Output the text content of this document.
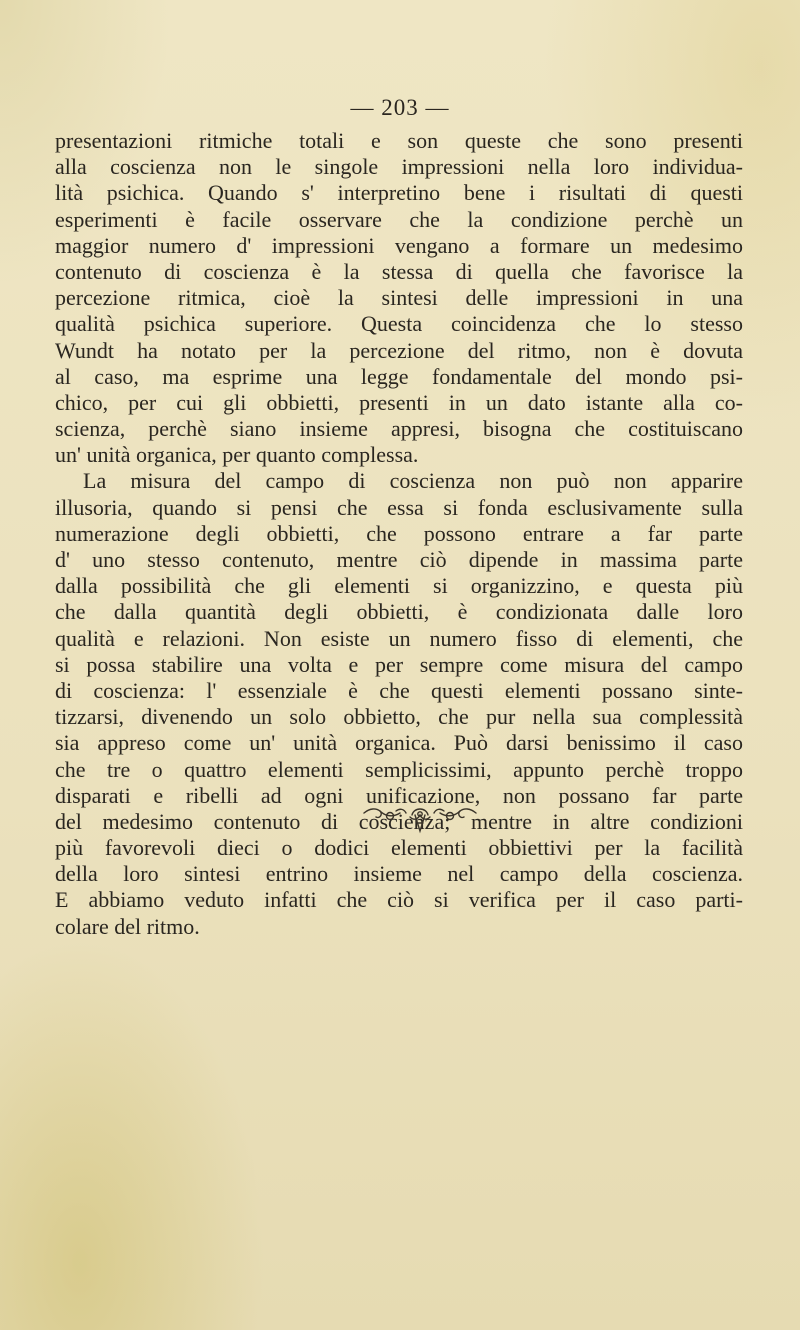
— 203 —
presentazioni ritmiche totali e son queste che sono presenti
alla coscienza non le singole impressioni nella loro individua-
lità psichica. Quando s' interpretino bene i risultati di questi
esperimenti è facile osservare che la condizione perchè un
maggior numero d' impressioni vengano a formare un medesimo
contenuto di coscienza è la stessa di quella che favorisce la
percezione ritmica, cioè la sintesi delle impressioni in una
qualità psichica superiore. Questa coincidenza che lo stesso
Wundt ha notato per la percezione del ritmo, non è dovuta
al caso, ma esprime una legge fondamentale del mondo psi-
chico, per cui gli obbietti, presenti in un dato istante alla co-
scienza, perchè siano insieme appresi, bisogna che costituiscano
un' unità organica, per quanto complessa.
La misura del campo di coscienza non può non apparire
illusoria, quando si pensi che essa si fonda esclusivamente sulla
numerazione degli obbietti, che possono entrare a far parte
d' uno stesso contenuto, mentre ciò dipende in massima parte
dalla possibilità che gli elementi si organizzino, e questa più
che dalla quantità degli obbietti, è condizionata dalle loro
qualità e relazioni. Non esiste un numero fisso di elementi, che
si possa stabilire una volta e per sempre come misura del campo
di coscienza: l' essenziale è che questi elementi possano sinte-
tizzarsi, divenendo un solo obbietto, che pur nella sua complessità
sia appreso come un' unità organica. Può darsi benissimo il caso
che tre o quattro elementi semplicissimi, appunto perchè troppo
disparati e ribelli ad ogni unificazione, non possano far parte
del medesimo contenuto di coscienza; mentre in altre condizioni
più favorevoli dieci o dodici elementi obbiettivi per la facilità
della loro sintesi entrino insieme nel campo della coscienza.
E abbiamo veduto infatti che ciò si verifica per il caso parti-
colare del ritmo.
